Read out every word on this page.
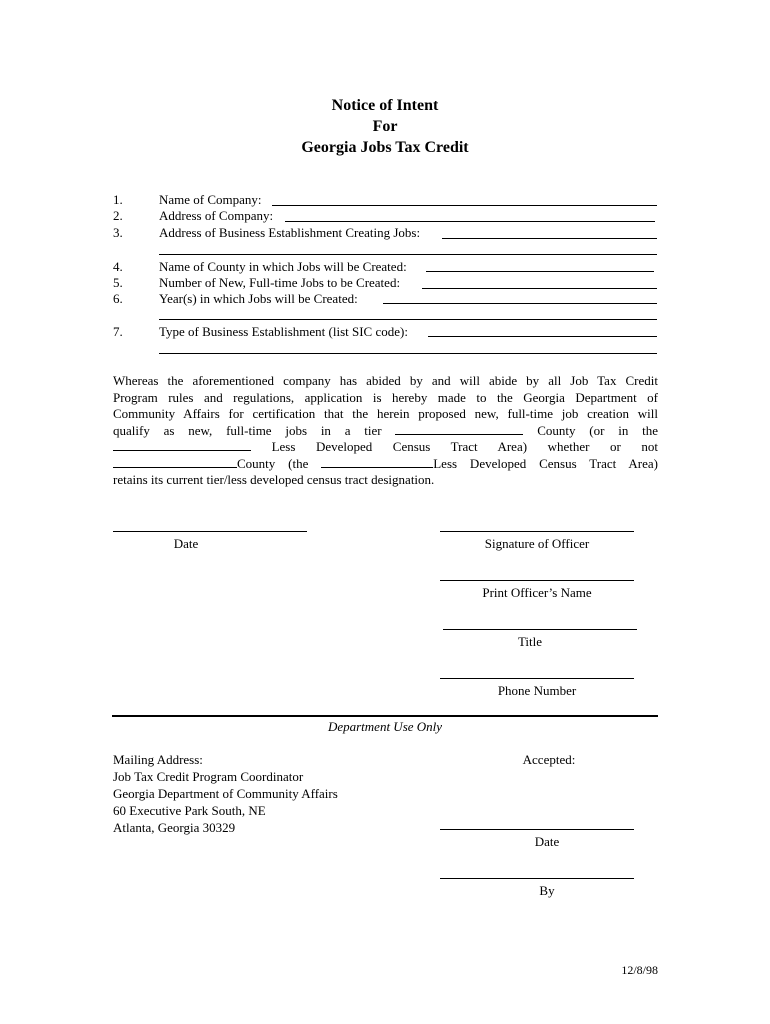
Notice of Intent
For
Georgia Jobs Tax Credit
1.	Name of Company:
2.	Address of Company:
3.	Address of Business Establishment Creating Jobs:
4.	Name of County in which Jobs will be Created:
5.	Number of New, Full-time Jobs to be Created:
6.	Year(s) in which Jobs will be Created:
7.	Type of Business Establishment (list SIC code):
Whereas the aforementioned company has abided by and will abide by all Job Tax Credit
Program rules and regulations, application is hereby made to the Georgia Department of
Community Affairs for certification that the herein proposed new, full-time job creation will
qualify as new, full-time jobs in a tier	County (or in the
Less Developed Census Tract Area) whether or not
County (the	Less Developed Census Tract Area)
retains its current tier/less developed census tract designation.
Date	Signature of Officer
Print Officer’s Name
Title
Phone Number
Department Use Only
Mailing Address:
Job Tax Credit Program Coordinator
Georgia Department of Community Affairs
60 Executive Park South, NE
Atlanta, Georgia 30329
Accepted:
Date
By
12/8/98
